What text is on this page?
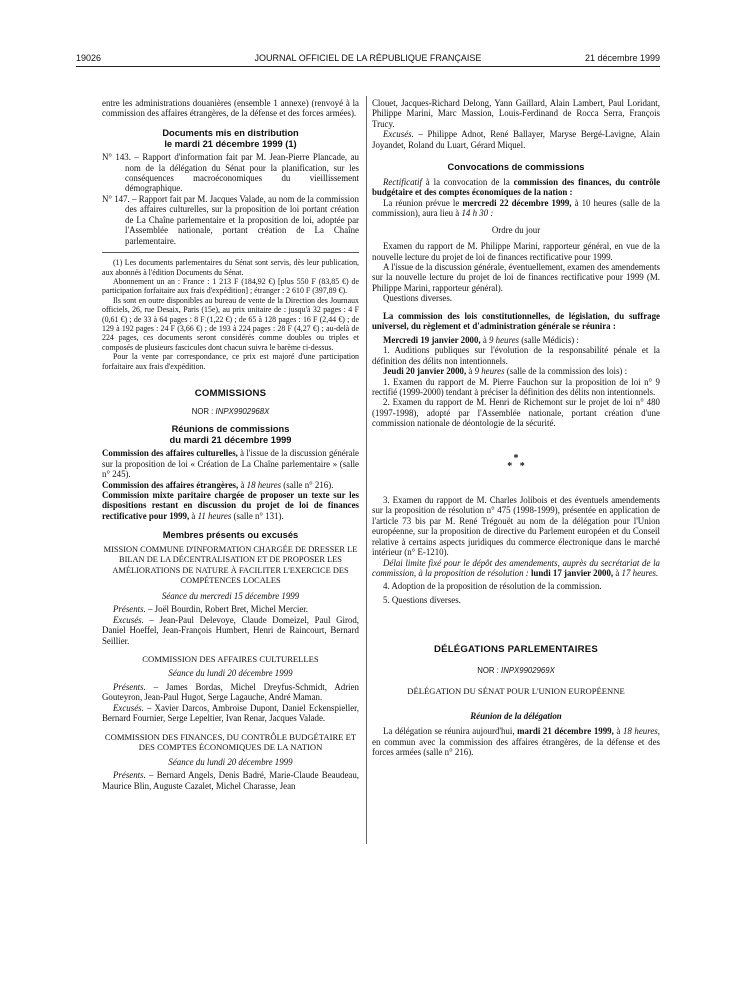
19026	JOURNAL OFFICIEL DE LA RÉPUBLIQUE FRANÇAISE	21 décembre 1999

entre les administrations douanières (ensemble 1 annexe) (renvoyé à la commission des affaires étrangères, de la défense et des forces armées).

Documents mis en distribution

le mardi 21 décembre 1999 (1)

N° 143. – Rapport d'information fait par M. Jean-Pierre Plancade, au nom de la délégation du Sénat pour la planification, sur les conséquences macroéconomiques du vieillissement démographique.

N° 147. – Rapport fait par M. Jacques Valade, au nom de la commission des affaires culturelles, sur la proposition de loi portant création de La Chaîne parlementaire et la proposition de loi, adoptée par l'Assemblée nationale, portant création de La Chaîne parlementaire.

(1) Les documents parlementaires du Sénat sont servis, dès leur publication, aux abonnés à l'édition Documents du Sénat.

Abonnement un an : France : 1 213 F (184,92 €) [plus 550 F (83,85 €) de participation forfaitaire aux frais d'expédition] ; étranger : 2 610 F (397,89 €).

Ils sont en outre disponibles au bureau de vente de la Direction des Journaux officiels, 26, rue Desaix, Paris (15e), au prix unitaire de : jusqu'à 32 pages : 4 F (0,61 €) ; de 33 à 64 pages : 8 F (1,22 €) ; de 65 à 128 pages : 16 F (2,44 €) ; de 129 à 192 pages : 24 F (3,66 €) ; de 193 à 224 pages : 28 F (4,27 €) ; au-delà de 224 pages, ces documents seront considérés comme doubles ou triples et composés de plusieurs fascicules dont chacun suivra le barème ci-dessus.

Pour la vente par correspondance, ce prix est majoré d'une participation forfaitaire aux frais d'expédition.

COMMISSIONS

NOR : INPX9902968X

Réunions de commissions

du mardi 21 décembre 1999

Commission des affaires culturelles, à l'issue de la discussion générale sur la proposition de loi « Création de La Chaîne parlementaire » (salle n° 245).

Commission des affaires étrangères, à 18 heures (salle n° 216).

Commission mixte paritaire chargée de proposer un texte sur les dispositions restant en discussion du projet de loi de finances rectificative pour 1999, à 11 heures (salle n° 131).

Membres présents ou excusés

MISSION COMMUNE D'INFORMATION CHARGÉE DE DRESSER LE BILAN DE LA DÉCENTRALISATION ET DE PROPOSER LES AMÉLIORATIONS DE NATURE À FACILITER L'EXERCICE DES COMPÉTENCES LOCALES

Séance du mercredi 15 décembre 1999

Présents. – Joël Bourdin, Robert Bret, Michel Mercier.

Excusés. – Jean-Paul Delevoye, Claude Domeizel, Paul Girod, Daniel Hoeffel, Jean-François Humbert, Henri de Raincourt, Bernard Seillier.

COMMISSION DES AFFAIRES CULTURELLES

Séance du lundi 20 décembre 1999

Présents. – James Bordas, Michel Dreyfus-Schmidt, Adrien Gouteyron, Jean-Paul Hugot, Serge Lagauche, André Maman.

Excusés. – Xavier Darcos, Ambroise Dupont, Daniel Eckenspieller, Bernard Fournier, Serge Lepeltier, Ivan Renar, Jacques Valade.

COMMISSION DES FINANCES, DU CONTRÔLE BUDGÉTAIRE ET DES COMPTES ÉCONOMIQUES DE LA NATION

Séance du lundi 20 décembre 1999

Présents. – Bernard Angels, Denis Badré, Marie-Claude Beaudeau, Maurice Blin, Auguste Cazalet, Michel Charasse, Jean

Clouet, Jacques-Richard Delong, Yann Gaillard, Alain Lambert, Paul Loridant, Philippe Marini, Marc Massion, Louis-Ferdinand de Rocca Serra, François Trucy.

Excusés. – Philippe Adnot, René Ballayer, Maryse Bergé-Lavigne, Alain Joyandet, Roland du Luart, Gérard Miquel.

Convocations de commissions

Rectificatif à la convocation de la commission des finances, du contrôle budgétaire et des comptes économiques de la nation :

La réunion prévue le mercredi 22 décembre 1999, à 10 heures (salle de la commission), aura lieu à 14 h 30 :

Ordre du jour

Examen du rapport de M. Philippe Marini, rapporteur général, en vue de la nouvelle lecture du projet de loi de finances rectificative pour 1999.

A l'issue de la discussion générale, éventuellement, examen des amendements sur la nouvelle lecture du projet de loi de finances rectificative pour 1999 (M. Philippe Marini, rapporteur général).

Questions diverses.

La commission des lois constitutionnelles, de législation, du suffrage universel, du règlement et d'administration générale se réunira :

Mercredi 19 janvier 2000, à 9 heures (salle Médicis) :

1. Auditions publiques sur l'évolution de la responsabilité pénale et la définition des délits non intentionnels.

Jeudi 20 janvier 2000, à 9 heures (salle de la commission des lois) :

1. Examen du rapport de M. Pierre Fauchon sur la proposition de loi n° 9 rectifié (1999-2000) tendant à préciser la définition des délits non intentionnels.

2. Examen du rapport de M. Henri de Richemont sur le projet de loi n° 480 (1997-1998), adopté par l'Assemblée nationale, portant création d'une commission nationale de déontologie de la sécurité.

*

*   *

3. Examen du rapport de M. Charles Jolibois et des éventuels amendements sur la proposition de résolution n° 475 (1998-1999), présentée en application de l'article 73 bis par M. René Trégouët au nom de la délégation pour l'Union européenne, sur la proposition de directive du Parlement européen et du Conseil relative à certains aspects juridiques du commerce électronique dans le marché intérieur (n° E-1210).

Délai limite fixé pour le dépôt des amendements, auprès du secrétariat de la commission, à la proposition de résolution : lundi 17 janvier 2000, à 17 heures.

4. Adoption de la proposition de résolution de la commission.

5. Questions diverses.

DÉLÉGATIONS PARLEMENTAIRES

NOR : INPX9902969X

DÉLÉGATION DU SÉNAT POUR L'UNION EUROPÉENNE

Réunion de la délégation

La délégation se réunira aujourd'hui, mardi 21 décembre 1999, à 18 heures, en commun avec la commission des affaires étrangères, de la défense et des forces armées (salle n° 216).
